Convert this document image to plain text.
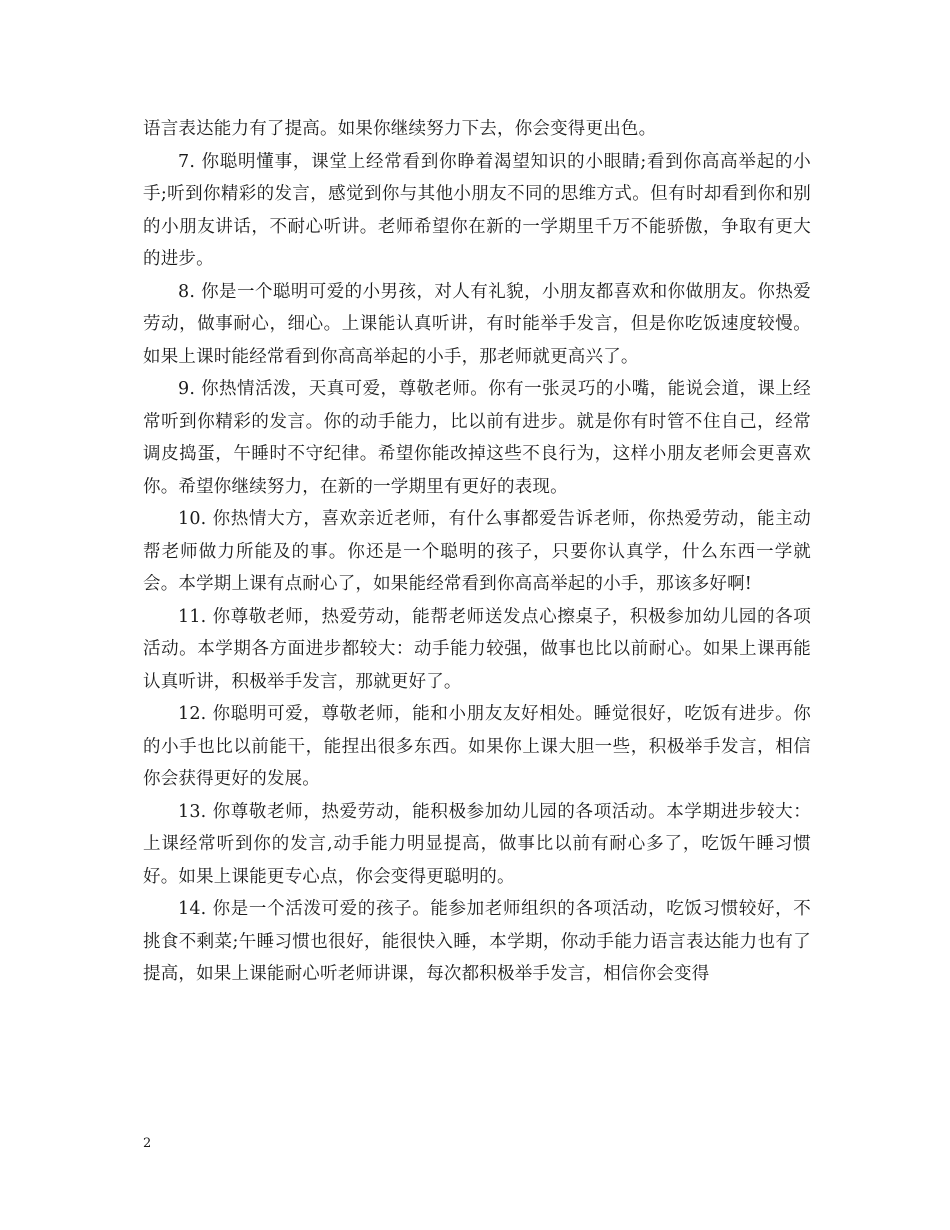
语言表达能力有了提高。如果你继续努力下去，你会变得更出色。

7. 你聪明懂事，课堂上经常看到你睁着渴望知识的小眼睛;看到你高高举起的小手;听到你精彩的发言，感觉到你与其他小朋友不同的思维方式。但有时却看到你和别的小朋友讲话，不耐心听讲。老师希望你在新的一学期里千万不能骄傲，争取有更大的进步。

8. 你是一个聪明可爱的小男孩，对人有礼貌，小朋友都喜欢和你做朋友。你热爱劳动，做事耐心，细心。上课能认真听讲，有时能举手发言，但是你吃饭速度较慢。如果上课时能经常看到你高高举起的小手，那老师就更高兴了。

9. 你热情活泼，天真可爱，尊敬老师。你有一张灵巧的小嘴，能说会道，课上经常听到你精彩的发言。你的动手能力，比以前有进步。就是你有时管不住自己，经常调皮捣蛋，午睡时不守纪律。希望你能改掉这些不良行为，这样小朋友老师会更喜欢你。希望你继续努力，在新的一学期里有更好的表现。

10. 你热情大方，喜欢亲近老师，有什么事都爱告诉老师，你热爱劳动，能主动帮老师做力所能及的事。你还是一个聪明的孩子，只要你认真学，什么东西一学就会。本学期上课有点耐心了，如果能经常看到你高高举起的小手，那该多好啊!

11. 你尊敬老师，热爱劳动，能帮老师送发点心擦桌子，积极参加幼儿园的各项活动。本学期各方面进步都较大：动手能力较强，做事也比以前耐心。如果上课再能认真听讲，积极举手发言，那就更好了。

12. 你聪明可爱，尊敬老师，能和小朋友友好相处。睡觉很好，吃饭有进步。你的小手也比以前能干，能捏出很多东西。如果你上课大胆一些，积极举手发言，相信你会获得更好的发展。

13. 你尊敬老师，热爱劳动，能积极参加幼儿园的各项活动。本学期进步较大：上课经常听到你的发言,动手能力明显提高，做事比以前有耐心多了，吃饭午睡习惯好。如果上课能更专心点，你会变得更聪明的。

14. 你是一个活泼可爱的孩子。能参加老师组织的各项活动，吃饭习惯较好，不挑食不剩菜;午睡习惯也很好，能很快入睡，本学期，你动手能力语言表达能力也有了提高，如果上课能耐心听老师讲课，每次都积极举手发言，相信你会变得

2
